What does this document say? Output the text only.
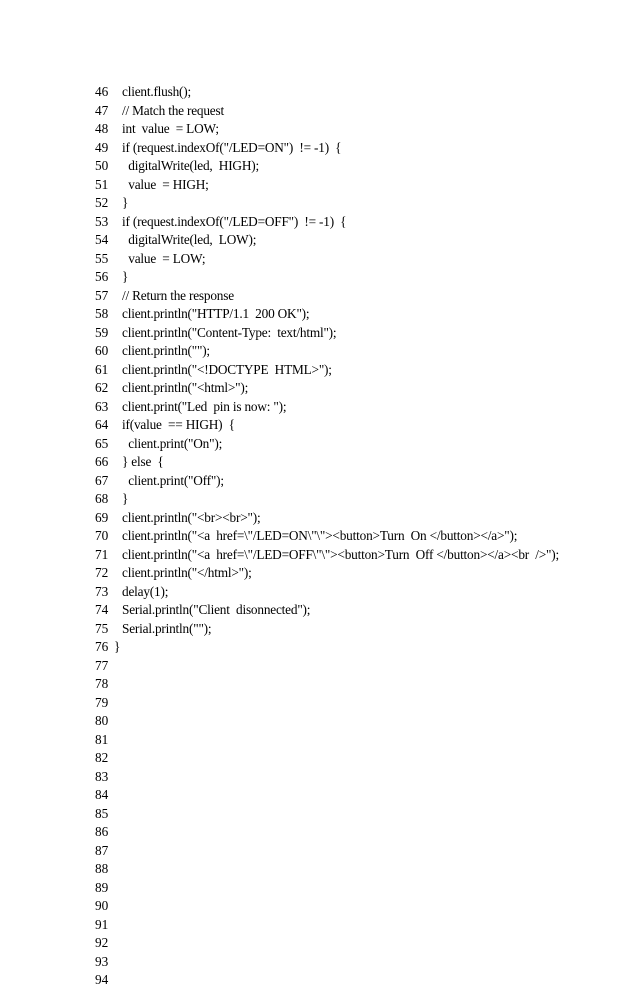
46 client.flush();
47 // Match the request
48 int  value  = LOW;
49 if (request.indexOf("/LED=ON")  != -1)  {
50 digitalWrite(led,  HIGH);
51 value  = HIGH;
52 }
53 if (request.indexOf("/LED=OFF")  != -1)  {
54 digitalWrite(led,  LOW);
55 value  = LOW;
56 }
57 // Return the response
58 client.println("HTTP/1.1  200 OK");
59 client.println("Content-Type:  text/html");
60 client.println("");
61 client.println("<!DOCTYPE  HTML>");
62 client.println("<html>");
63 client.print("Led  pin is now: ");
64 if(value  == HIGH)  {
65 client.print("On");
66 } else  {
67 client.print("Off");
68 }
69 client.println("<br><br>");
70 client.println("<a  href=\"/LED=ON\"\"><button>Turn  On </button></a>");
71 client.println("<a  href=\"/LED=OFF\"\"><button>Turn  Off </button></a><br  />");
72 client.println("</html>");
73 delay(1);
74 Serial.println("Client  disonnected");
75 Serial.println("");
76 }
77
78
79
80
81
82
83
84
85
86
87
88
89
90
91
92
93
94
